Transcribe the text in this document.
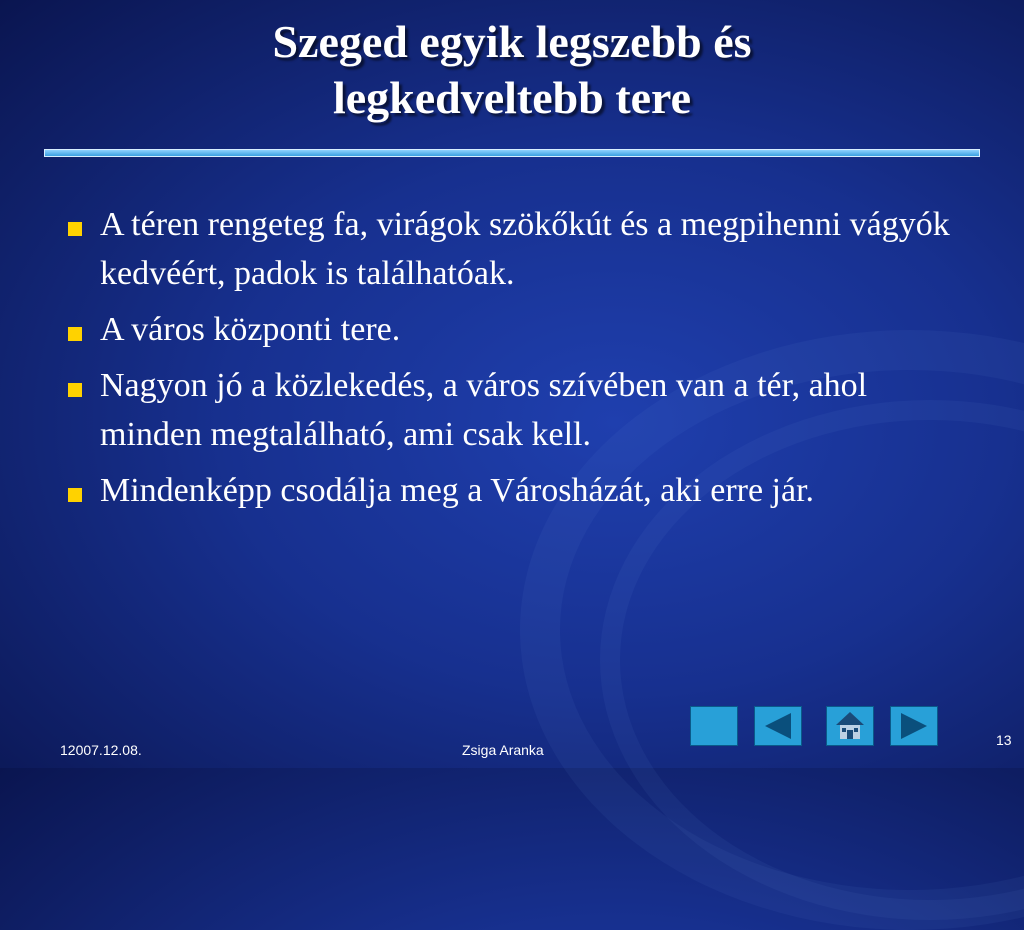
Szeged egyik legszebb és
legkedveltebb tere
A téren rengeteg fa, virágok szökőkút és a megpihenni vágyók kedvéért, padok is találhatóak.
A város központi tere.
Nagyon jó a közlekedés, a város szívében van a tér, ahol minden megtalálható, ami csak kell.
Mindenképp csodálja meg a Városházát, aki erre jár.
12007.12.08.	Zsiga Aranka
13
